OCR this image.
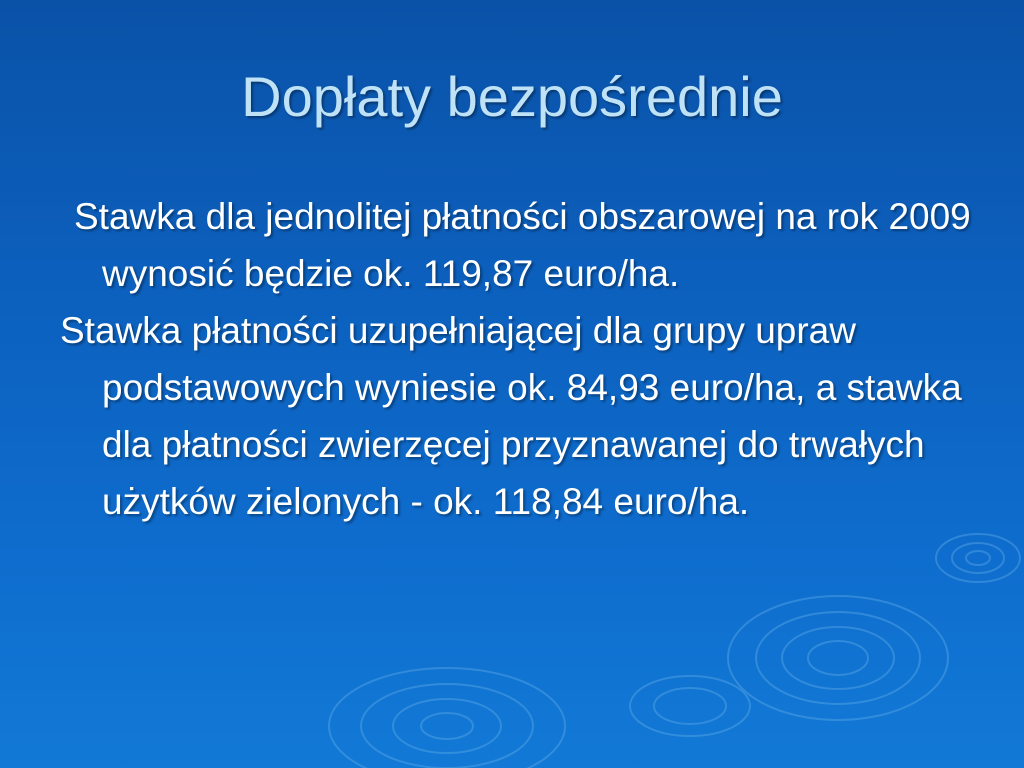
Dopłaty bezpośrednie
Stawka dla jednolitej płatności obszarowej na rok 2009 wynosić będzie ok. 119,87 euro/ha.
Stawka płatności uzupełniającej dla grupy upraw podstawowych wyniesie ok. 84,93 euro/ha, a stawka dla płatności zwierzęcej przyznawanej do trwałych użytków zielonych - ok. 118,84 euro/ha.
